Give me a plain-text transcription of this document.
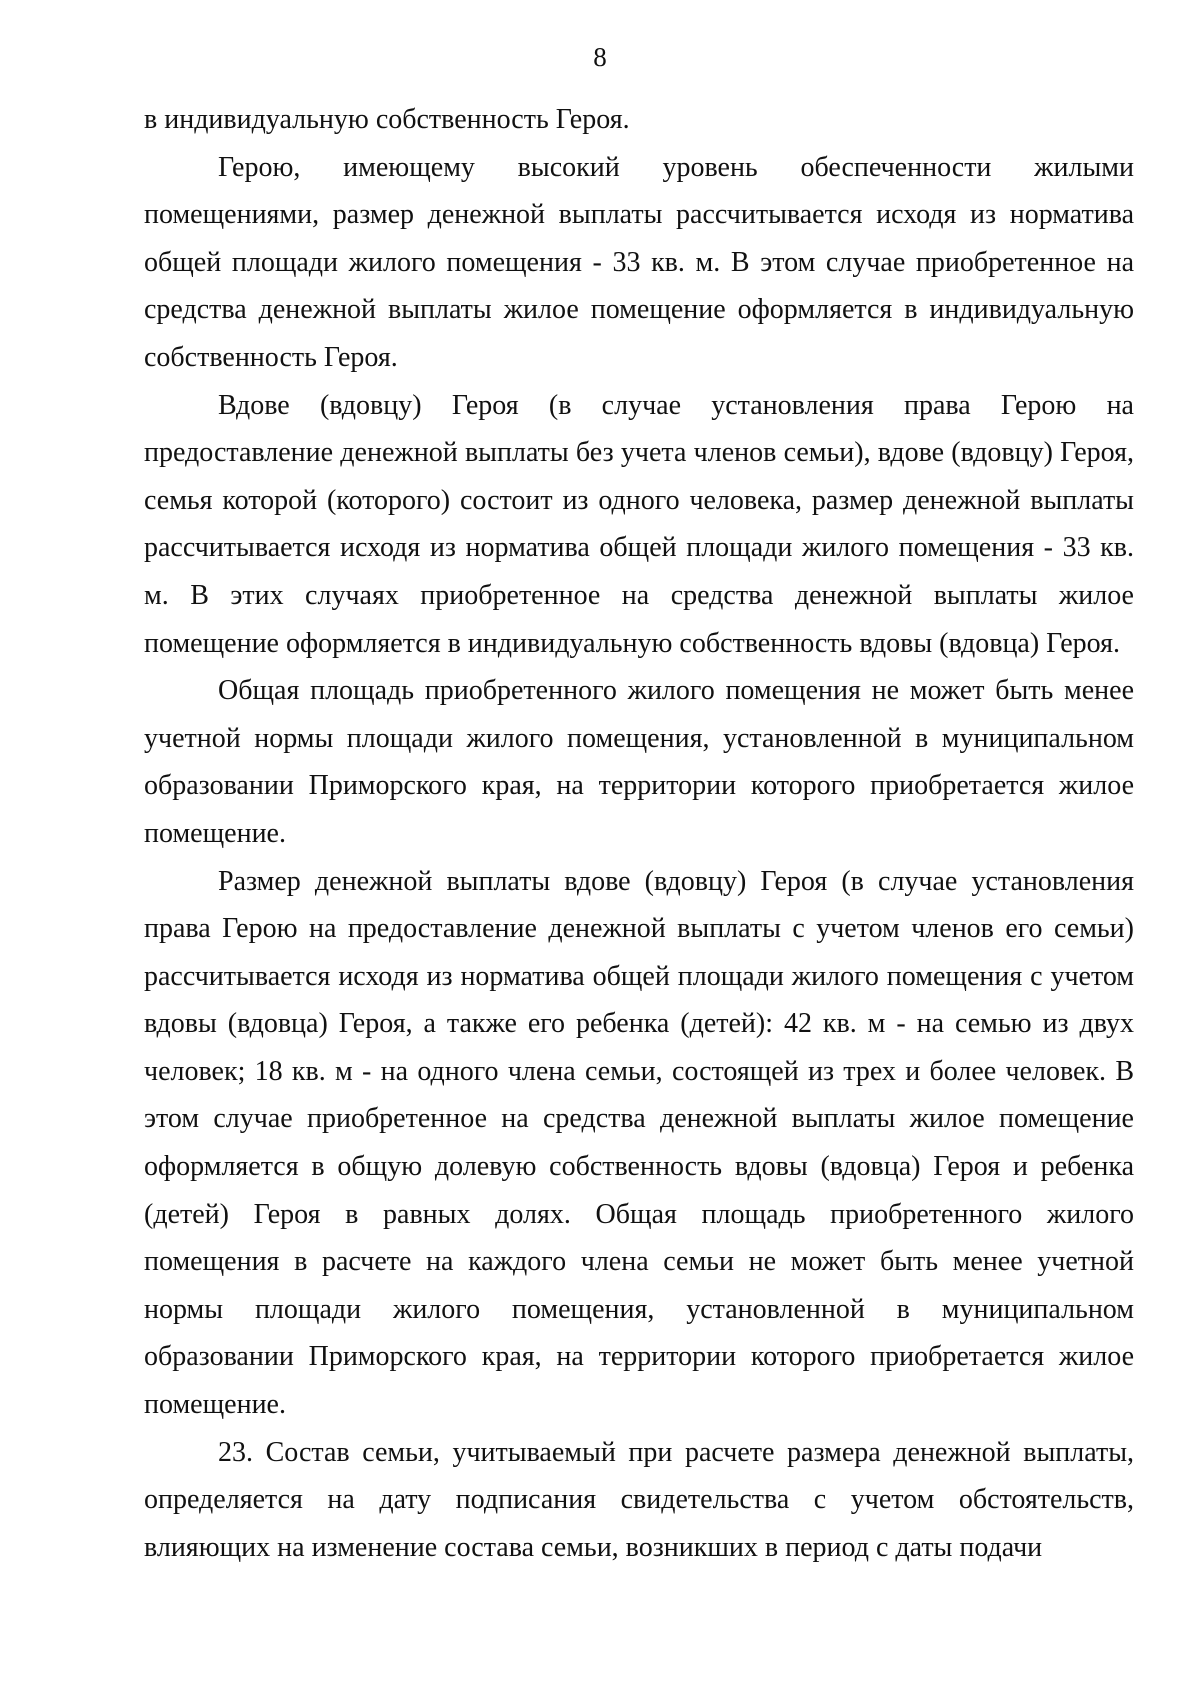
8

в индивидуальную собственность Героя.

Герою, имеющему высокий уровень обеспеченности жилыми помещениями, размер денежной выплаты рассчитывается исходя из норматива общей площади жилого помещения - 33 кв. м. В этом случае приобретенное на средства денежной выплаты жилое помещение оформляется в индивидуальную собственность Героя.

Вдове (вдовцу) Героя (в случае установления права Герою на предоставление денежной выплаты без учета членов семьи), вдове (вдовцу) Героя, семья которой (которого) состоит из одного человека, размер денежной выплаты рассчитывается исходя из норматива общей площади жилого помещения - 33 кв. м. В этих случаях приобретенное на средства денежной выплаты жилое помещение оформляется в индивидуальную собственность вдовы (вдовца) Героя.

Общая площадь приобретенного жилого помещения не может быть менее учетной нормы площади жилого помещения, установленной в муниципальном образовании Приморского края, на территории которого приобретается жилое помещение.

Размер денежной выплаты вдове (вдовцу) Героя (в случае установления права Герою на предоставление денежной выплаты с учетом членов его семьи) рассчитывается исходя из норматива общей площади жилого помещения с учетом вдовы (вдовца) Героя, а также его ребенка (детей): 42 кв. м - на семью из двух человек; 18 кв. м - на одного члена семьи, состоящей из трех и более человек. В этом случае приобретенное на средства денежной выплаты жилое помещение оформляется в общую долевую собственность вдовы (вдовца) Героя и ребенка (детей) Героя в равных долях. Общая площадь приобретенного жилого помещения в расчете на каждого члена семьи не может быть менее учетной нормы площади жилого помещения, установленной в муниципальном образовании Приморского края, на территории которого приобретается жилое помещение.

23. Состав семьи, учитываемый при расчете размера денежной выплаты, определяется на дату подписания свидетельства с учетом обстоятельств, влияющих на изменение состава семьи, возникших в период с даты подачи
